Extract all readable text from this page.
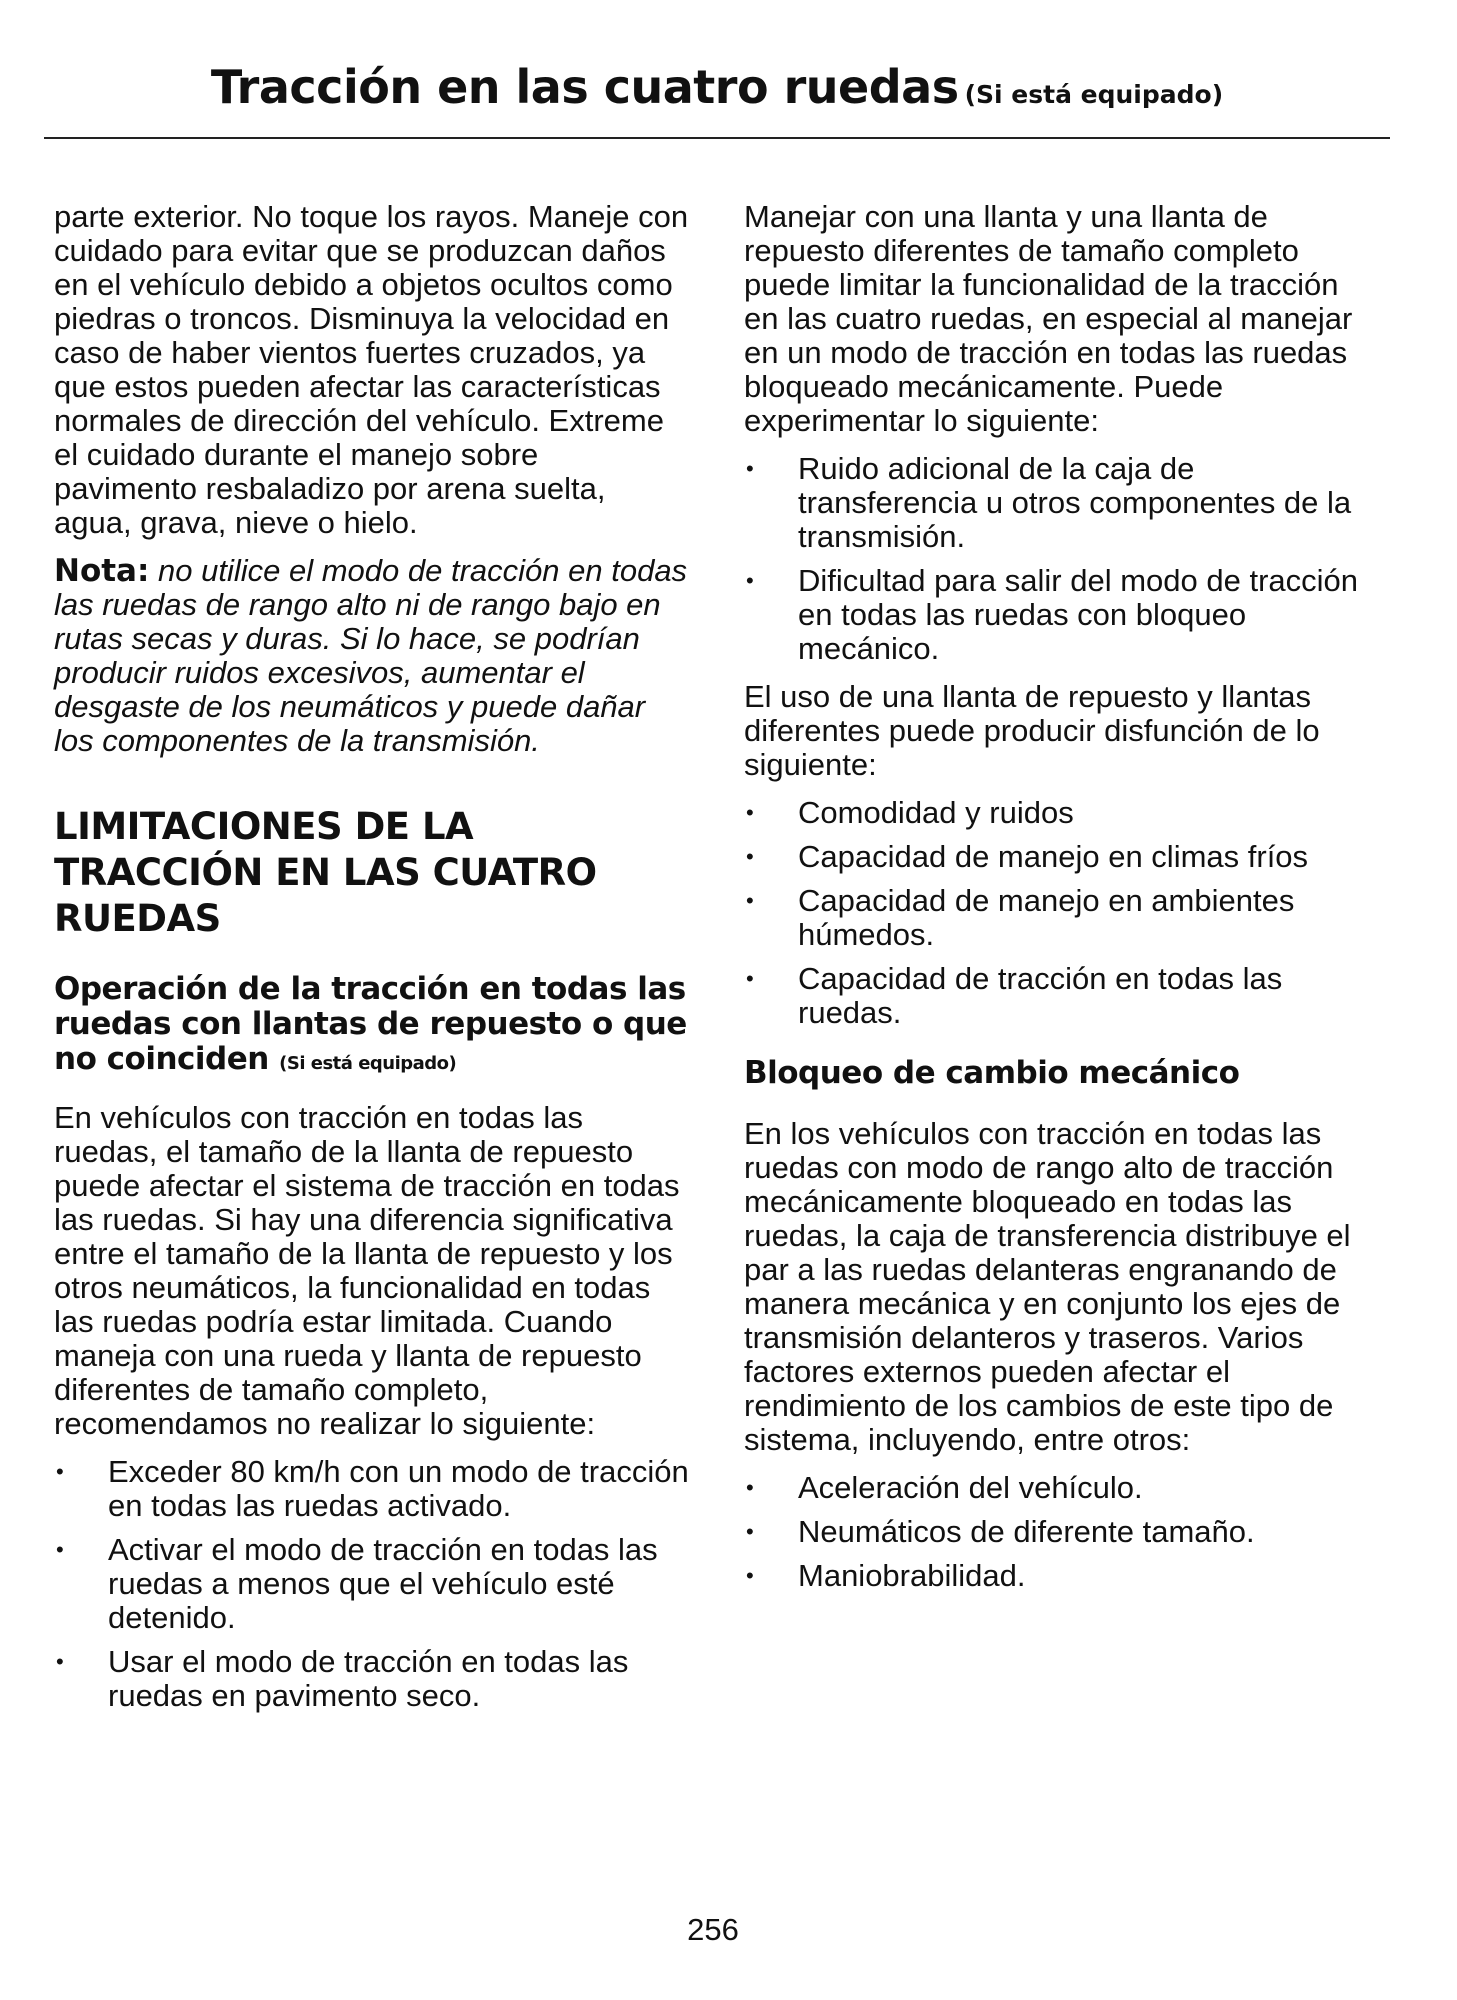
Tracción en las cuatro ruedas (Si está equipado)

parte exterior. No toque los rayos. Maneje con cuidado para evitar que se produzcan daños en el vehículo debido a objetos ocultos como piedras o troncos. Disminuya la velocidad en caso de haber vientos fuertes cruzados, ya que estos pueden afectar las características normales de dirección del vehículo. Extreme el cuidado durante el manejo sobre pavimento resbaladizo por arena suelta, agua, grava, nieve o hielo.

Nota: no utilice el modo de tracción en todas las ruedas de rango alto ni de rango bajo en rutas secas y duras. Si lo hace, se podrían producir ruidos excesivos, aumentar el desgaste de los neumáticos y puede dañar los componentes de la transmisión.

LIMITACIONES DE LA TRACCIÓN EN LAS CUATRO RUEDAS
Operación de la tracción en todas las ruedas con llantas de repuesto o que no coinciden (Si está equipado)

En vehículos con tracción en todas las ruedas, el tamaño de la llanta de repuesto puede afectar el sistema de tracción en todas las ruedas. Si hay una diferencia significativa entre el tamaño de la llanta de repuesto y los otros neumáticos, la funcionalidad en todas las ruedas podría estar limitada. Cuando maneja con una rueda y llanta de repuesto diferentes de tamaño completo, recomendamos no realizar lo siguiente:

• Exceder 80 km/h con un modo de tracción en todas las ruedas activado.
• Activar el modo de tracción en todas las ruedas a menos que el vehículo esté detenido.
• Usar el modo de tracción en todas las ruedas en pavimento seco.

Manejar con una llanta y una llanta de repuesto diferentes de tamaño completo puede limitar la funcionalidad de la tracción en las cuatro ruedas, en especial al manejar en un modo de tracción en todas las ruedas bloqueado mecánicamente. Puede experimentar lo siguiente:

• Ruido adicional de la caja de transferencia u otros componentes de la transmisión.
• Dificultad para salir del modo de tracción en todas las ruedas con bloqueo mecánico.

El uso de una llanta de repuesto y llantas diferentes puede producir disfunción de lo siguiente:

• Comodidad y ruidos
• Capacidad de manejo en climas fríos
• Capacidad de manejo en ambientes húmedos.
• Capacidad de tracción en todas las ruedas.
Bloqueo de cambio mecánico

En los vehículos con tracción en todas las ruedas con modo de rango alto de tracción mecánicamente bloqueado en todas las ruedas, la caja de transferencia distribuye el par a las ruedas delanteras engranando de manera mecánica y en conjunto los ejes de transmisión delanteros y traseros. Varios factores externos pueden afectar el rendimiento de los cambios de este tipo de sistema, incluyendo, entre otros:

• Aceleración del vehículo.
• Neumáticos de diferente tamaño.
• Maniobrabilidad.
256
